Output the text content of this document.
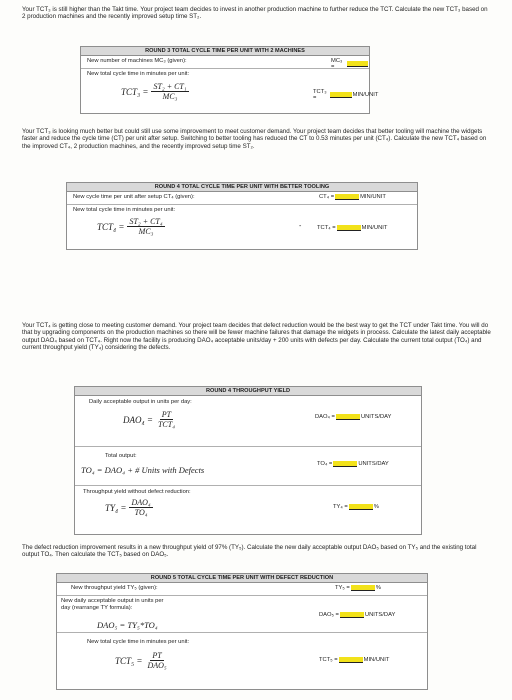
Your TCT₃ is still higher than the Takt time. Your project team decides to invest in another production machine to further reduce the TCT. Calculate the new TCT₃ based on 2 production machines and the recently improved setup time ST₂.
ROUND 3 TOTAL CYCLE TIME PER UNIT WITH 2 MACHINES
New number of machines MC₃ (given):	MC₃ =
New total cycle time in minutes per unit:
$TCT_3 = \frac{\text{ST₂ + CT₁}}{\text{MC₃}}$	TCT₃ =	MIN/UNIT
Your TCT₃ is looking much better but could still use some improvement to meet customer demand. Your project team decides that better tooling will machine the widgets faster and reduce the cycle time (CT) per unit after setup. Switching to better tooling has reduced the CT to 0.53 minutes per unit (CT₄). Calculate the new TCT₄ based on the improved CT₄, 2 production machines, and the recently improved setup time ST₂.
ROUND 4 TOTAL CYCLE TIME PER UNIT WITH BETTER TOOLING
New cycle time per unit after setup CT₄ (given):	CT₄ =	MIN/UNIT
New total cycle time in minutes per unit:
$TCT_4 = \frac{\text{ST₂ + CT₄}}{\text{MC₃}}$	-	TCT₄ =	MIN/UNIT
Your TCT₄ is getting close to meeting customer demand. Your project team decides that defect reduction would be the best way to get the TCT under Takt time. You will do that by upgrading components on the production machines so there will be fewer machine failures that damage the widgets in process. Calculate the latest daily acceptable output DAO₄ based on TCT₄. Right now the facility is producing DAO₄ acceptable units/day + 200 units with defects per day. Calculate the current total output (TO₄) and current throughput yield (TY₄) considering the defects.
ROUND 4 THROUGHPUT YIELD
Daily acceptable output in units per day:
$DAO_4 = \frac{PT}{\text{TCT₄}}$	DAO₄ =	UNITS/DAY
Total output:
TO₄ = DAO₄ + # Units with Defects
TO₄ =	UNITS/DAY
Throughput yield without defect reduction:
$TY_4 = \frac{\text{DAO₄}}{\text{TO₄}}$	TY₄ =	%
The defect reduction improvement results in a new throughput yield of 97% (TY₅). Calculate the new daily acceptable output DAO₅ based on TY₅ and the existing total output TO₄. Then calculate the TCT₅ based on DAO₅.
ROUND 5 TOTAL CYCLE TIME PER UNIT WITH DEFECT REDUCTION
New throughput yield TY₅ (given):	TY₅ =	%
New daily acceptable output in units per day (rearrange TY formula):
DAO₅ = TY₅*TO₄
DAO₅ =	UNITS/DAY
New total cycle time in minutes per unit:
$TCT_5 = \frac{PT}{\text{DAO₅}}$	TCT₅ =	MIN/UNIT
